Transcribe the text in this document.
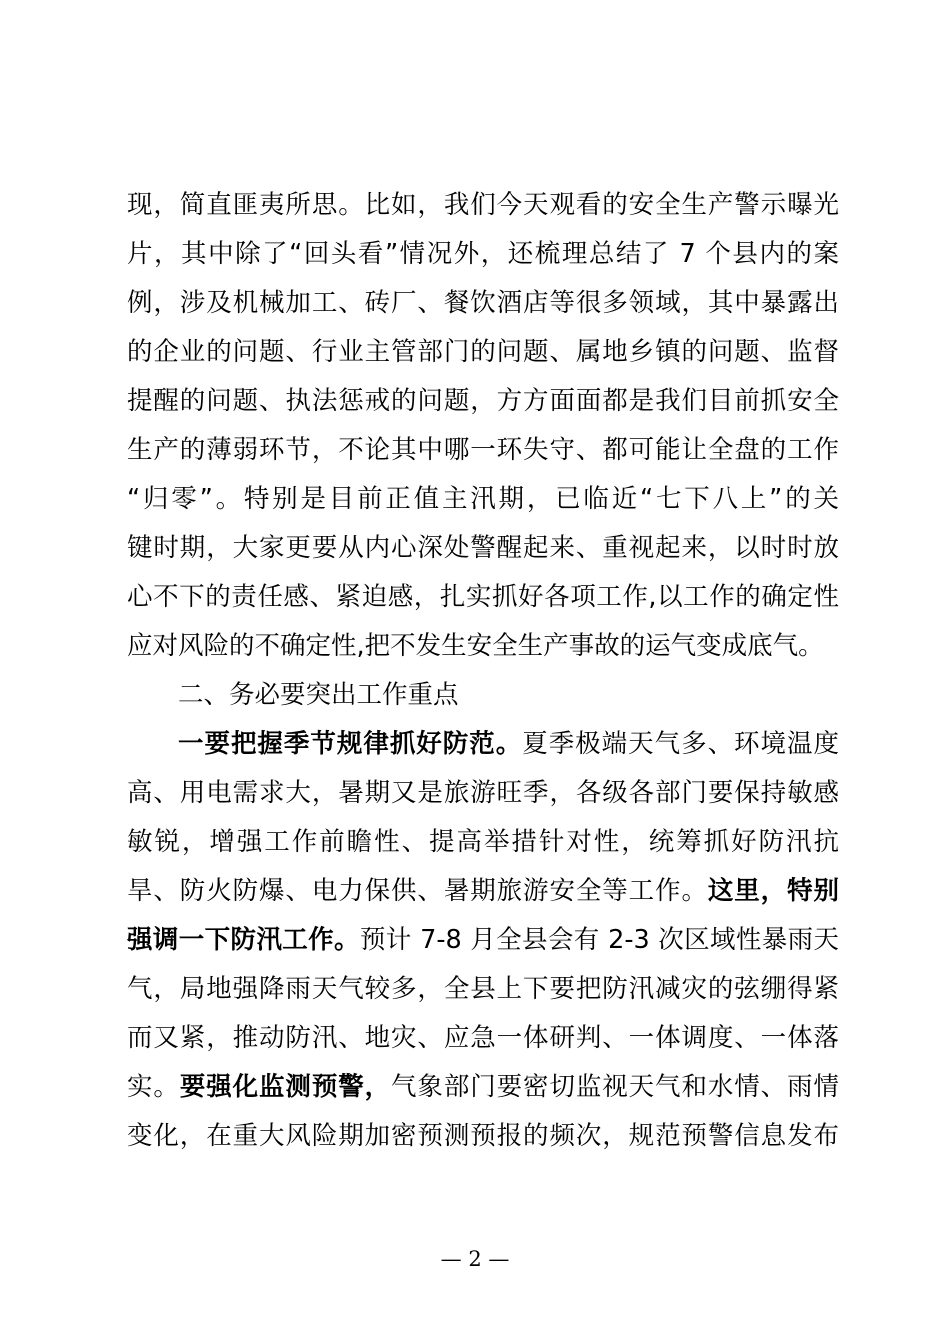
现，简直匪夷所思。比如，我们今天观看的安全生产警示曝光
片，其中除了“回头看”情况外，还梳理总结了 7 个县内的案
例，涉及机械加工、砖厂、餐饮酒店等很多领域，其中暴露出
的企业的问题、行业主管部门的问题、属地乡镇的问题、监督
提醒的问题、执法惩戒的问题，方方面面都是我们目前抓安全
生产的薄弱环节，不论其中哪一环失守、都可能让全盘的工作
“归零”。特别是目前正值主汛期，已临近“七下八上”的关
键时期，大家更要从内心深处警醒起来、重视起来，以时时放
心不下的责任感、紧迫感，扎实抓好各项工作,以工作的确定性
应对风险的不确定性,把不发生安全生产事故的运气变成底气。
二、务必要突出工作重点
一要把握季节规律抓好防范。夏季极端天气多、环境温度
高、用电需求大，暑期又是旅游旺季，各级各部门要保持敏感
敏锐，增强工作前瞻性、提高举措针对性，统筹抓好防汛抗
旱、防火防爆、电力保供、暑期旅游安全等工作。这里，特别
强调一下防汛工作。预计 7-8 月全县会有 2-3 次区域性暴雨天
气，局地强降雨天气较多，全县上下要把防汛减灾的弦绷得紧
而又紧，推动防汛、地灾、应急一体研判、一体调度、一体落
实。要强化监测预警，气象部门要密切监视天气和水情、雨情
变化，在重大风险期加密预测预报的频次，规范预警信息发布
— 2 —
